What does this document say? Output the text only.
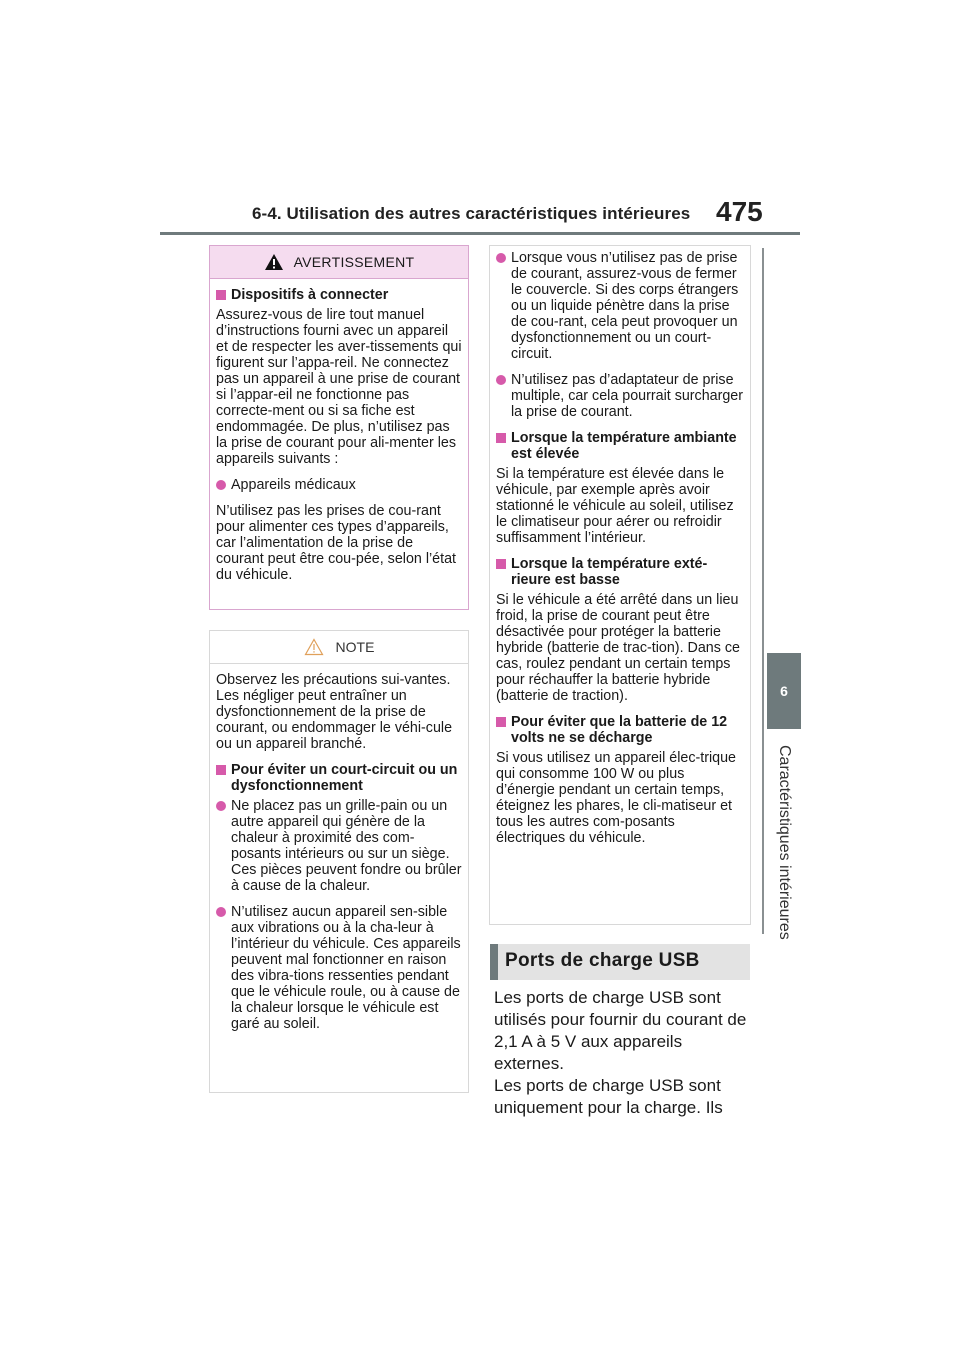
6-4. Utilisation des autres caractéristiques intérieures 475
6
Caractéristiques intérieures
AVERTISSEMENT
Dispositifs à connecter
Assurez-vous de lire tout manuel d’instructions fourni avec un appareil et de respecter les aver-tissements qui figurent sur l’appa-reil. Ne connectez pas un appareil à une prise de courant si l’appar-eil ne fonctionne pas correcte-ment ou si sa fiche est endommagée. De plus, n’utilisez pas la prise de courant pour ali-menter les appareils suivants :
Appareils médicaux
N’utilisez pas les prises de cou-rant pour alimenter ces types d’appareils, car l’alimentation de la prise de courant peut être cou-pée, selon l’état du véhicule.
NOTE
Observez les précautions sui-vantes.
Les négliger peut entraîner un dysfonctionnement de la prise de courant, ou endommager le véhi-cule ou un appareil branché.
Pour éviter un court-circuit ou un dysfonctionnement
Ne placez pas un grille-pain ou un autre appareil qui génère de la chaleur à proximité des com-posants intérieurs ou sur un siège. Ces pièces peuvent fondre ou brûler à cause de la chaleur.
N’utilisez aucun appareil sen-sible aux vibrations ou à la cha-leur à l’intérieur du véhicule. Ces appareils peuvent mal fonctionner en raison des vibra-tions ressenties pendant que le véhicule roule, ou à cause de la chaleur lorsque le véhicule est garé au soleil.
Lorsque vous n’utilisez pas de prise de courant, assurez-vous de fermer le couvercle. Si des corps étrangers ou un liquide pénètre dans la prise de cou-rant, cela peut provoquer un dysfonctionnement ou un court-circuit.
N’utilisez pas d’adaptateur de prise multiple, car cela pourrait surcharger la prise de courant.
Lorsque la température ambiante est élevée
Si la température est élevée dans le véhicule, par exemple après avoir stationné le véhicule au soleil, utilisez le climatiseur pour aérer ou refroidir suffisamment l’intérieur.
Lorsque la température exté-rieure est basse
Si le véhicule a été arrêté dans un lieu froid, la prise de courant peut être désactivée pour protéger la batterie hybride (batterie de trac-tion). Dans ce cas, roulez pendant un certain temps pour réchauffer la batterie hybride (batterie de traction).
Pour éviter que la batterie de 12 volts ne se décharge
Si vous utilisez un appareil élec-trique qui consomme 100 W ou plus d’énergie pendant un certain temps, éteignez les phares, le cli-matiseur et tous les autres com-posants électriques du véhicule.
Ports de charge USB
Les ports de charge USB sont utilisés pour fournir du courant de 2,1 A à 5 V aux appareils externes.
Les ports de charge USB sont uniquement pour la charge. Ils
